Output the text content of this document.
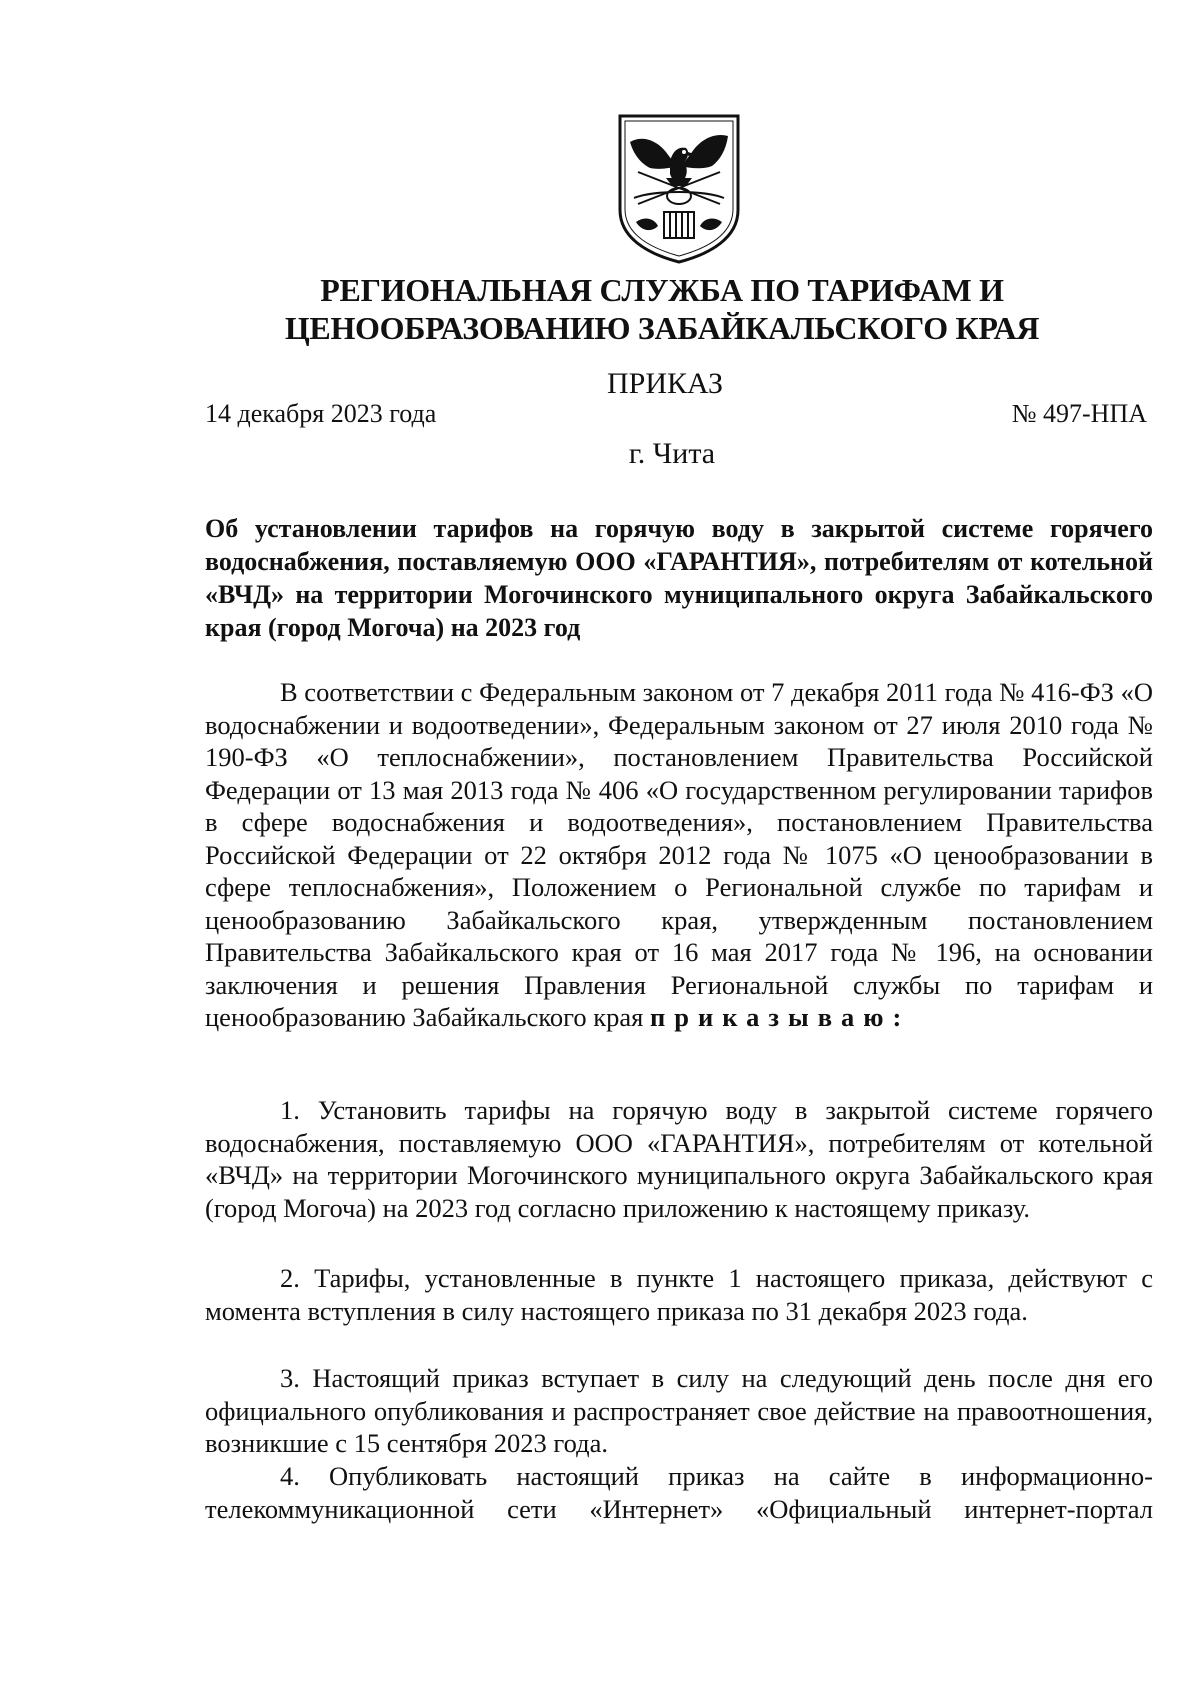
РЕГИОНАЛЬНАЯ СЛУЖБА ПО ТАРИФАМ И
ЦЕНООБРАЗОВАНИЮ ЗАБАЙКАЛЬСКОГО КРАЯ
ПРИКАЗ
14 декабря 2023 года	№ 497-НПА
г. Чита
Об установлении тарифов на горячую воду в закрытой системе горячего водоснабжения, поставляемую ООО «ГАРАНТИЯ», потребителям от котельной «ВЧД» на территории Могочинского муниципального округа Забайкальского края (город Могоча) на 2023 год
В соответствии с Федеральным законом от 7 декабря 2011 года № 416-ФЗ «О водоснабжении и водоотведении», Федеральным законом от 27 июля 2010 года № 190-ФЗ «О теплоснабжении», постановлением Правительства Российской Федерации от 13 мая 2013 года № 406 «О государственном регулировании тарифов в сфере водоснабжения и водоотведения», постановлением Правительства Российской Федерации от 22 октября 2012 года № 1075 «О ценообразовании в сфере теплоснабжения», Положением о Региональной службе по тарифам и ценообразованию Забайкальского края, утвержденным постановлением Правительства Забайкальского края от 16 мая 2017 года № 196, на основании заключения и решения Правления Региональной службы по тарифам и ценообразованию Забайкальского края приказываю:
1. Установить тарифы на горячую воду в закрытой системе горячего водоснабжения, поставляемую ООО «ГАРАНТИЯ», потребителям от котельной «ВЧД» на территории Могочинского муниципального округа Забайкальского края (город Могоча) на 2023 год согласно приложению к настоящему приказу.
2. Тарифы, установленные в пункте 1 настоящего приказа, действуют с момента вступления в силу настоящего приказа по 31 декабря 2023 года.
3. Настоящий приказ вступает в силу на следующий день после дня его официального опубликования и распространяет свое действие на правоотношения, возникшие с 15 сентября 2023 года.
4. Опубликовать настоящий приказ на сайте в информационно-телекоммуникационной сети «Интернет» «Официальный интернет-портал
